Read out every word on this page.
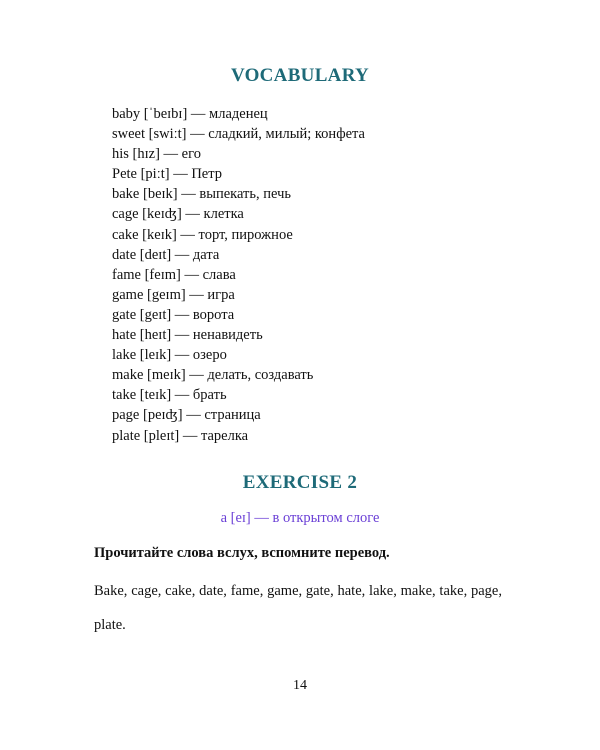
VOCABULARY
baby [ˈbeɪbɪ] — младенец
sweet [swiːt] — сладкий, милый; конфета
his [hɪz] — его
Pete [piːt] — Петр
bake [beɪk] — выпекать, печь
cage [keɪʤ] — клетка
cake [keɪk] — торт, пирожное
date [deɪt] — дата
fame [feɪm] — слава
game [geɪm] — игра
gate [geɪt] — ворота
hate [heɪt] — ненавидеть
lake [leɪk] — озеро
make [meɪk] — делать, создавать
take [teɪk] — брать
page [peɪʤ] — страница
plate [pleɪt] — тарелка
EXERCISE 2
a [eɪ] — в открытом слоге
Прочитайте слова вслух, вспомните перевод.

Bake, cage, cake, date, fame, game, gate, hate, lake, make, take, page, plate.

14
